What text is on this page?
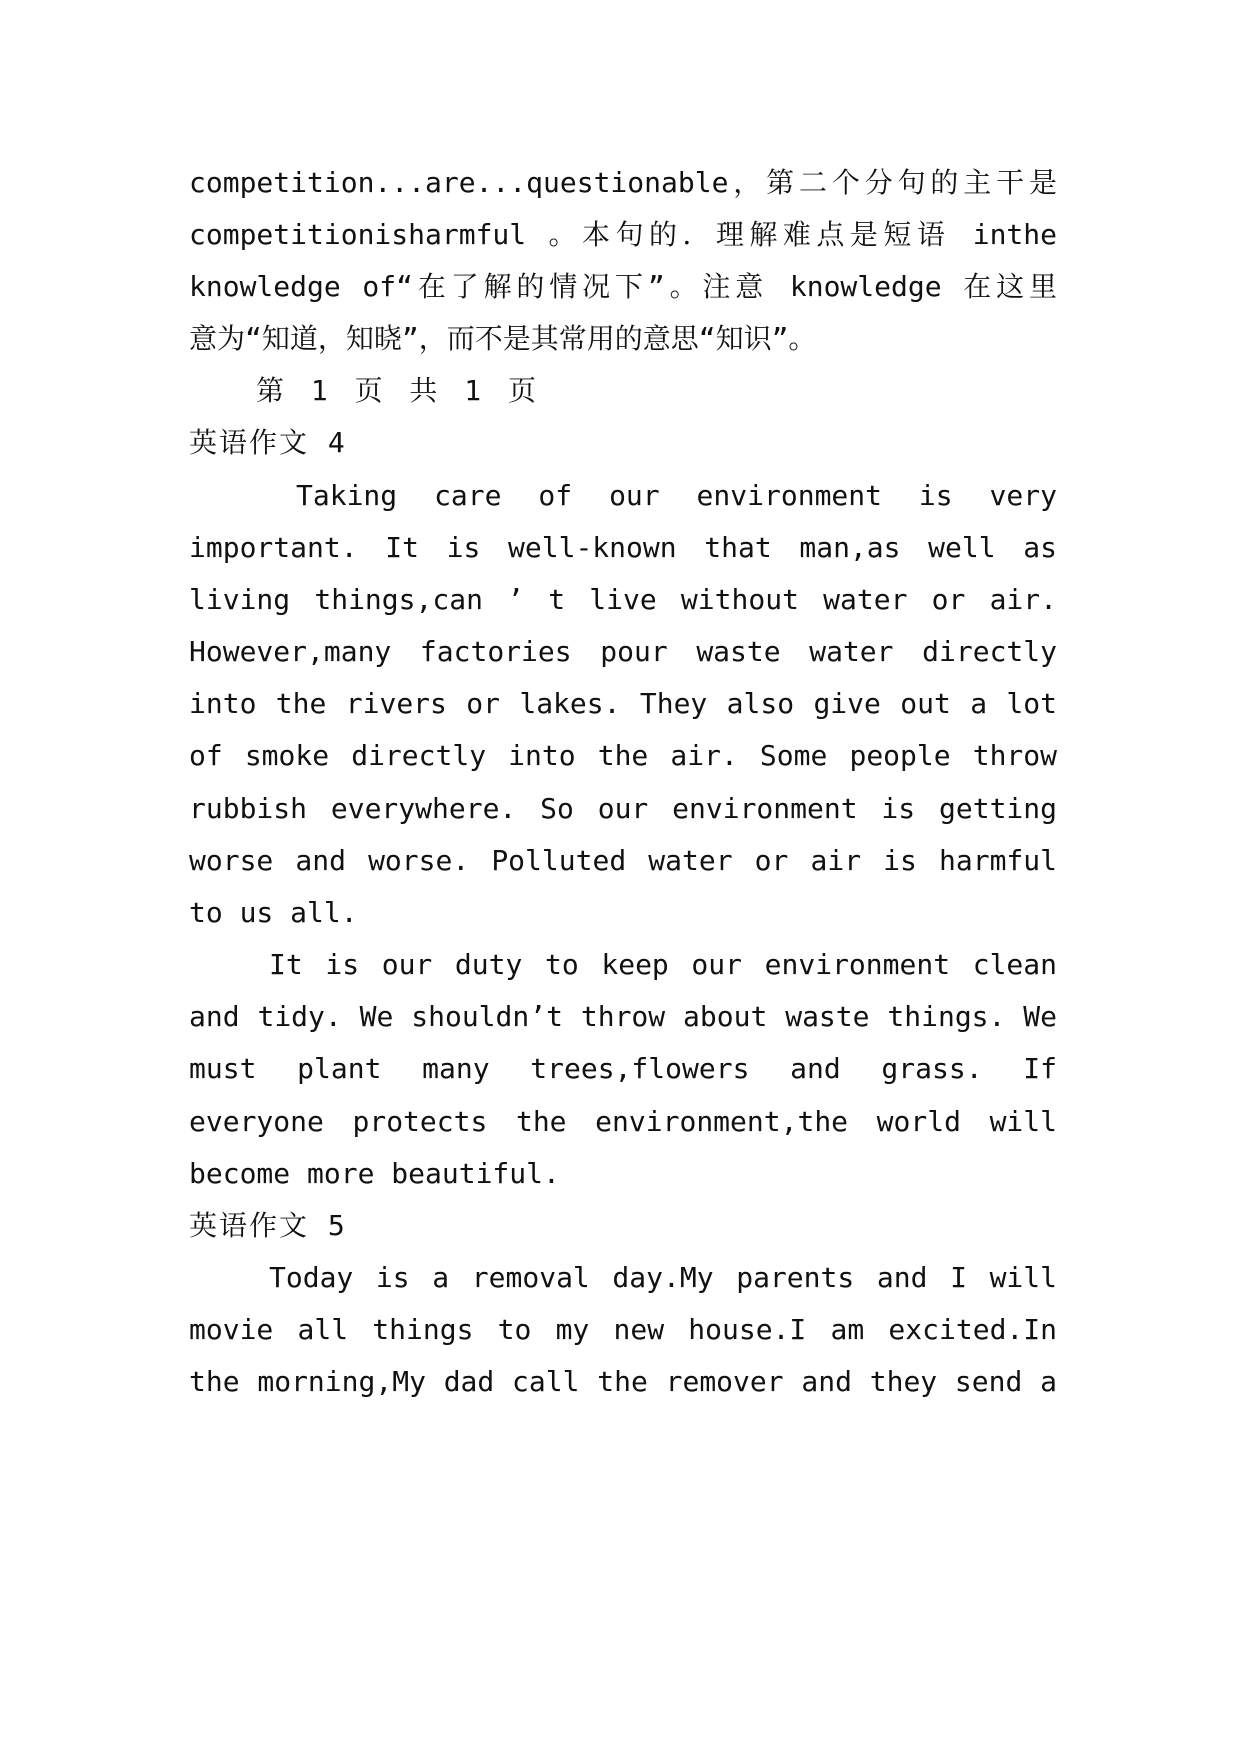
competition...are...questionable，第二个分句的主干是
competitionisharmful 。本句的．理解难点是短语 inthe
knowledge of“在了解的情况下”。注意 knowledge 在这里
意为“知道，知晓”，而不是其常用的意思“知识”。
第 1 页 共 1 页
英语作文 4
Taking care of our environment is very
important. It is well-known that man,as well as
living things,can ’ t live without water or air.
However,many factories pour waste water directly
into the rivers or lakes. They also give out a lot
of smoke directly into the air. Some people throw
rubbish everywhere. So our environment is getting
worse and worse. Polluted water or air is harmful
to us all.
It is our duty to keep our environment clean
and tidy. We shouldn’t throw about waste things. We
must plant many trees,flowers and grass. If
everyone protects the environment,the world will
become more beautiful.
英语作文 5
Today is a removal day.My parents and I will
movie all things to my new house.I am excited.In
the morning,My dad call the remover and they send a
